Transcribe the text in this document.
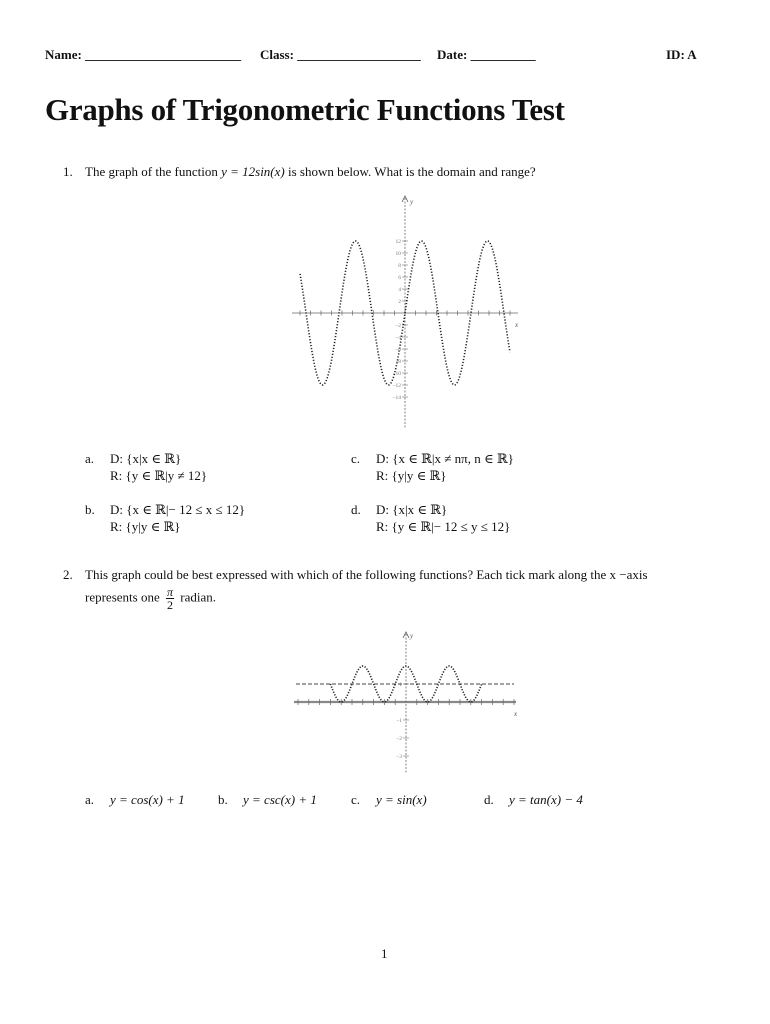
Name: ________________________ Class: ___________________ Date: __________	ID: A
Graphs of Trigonometric Functions Test
1. The graph of the function y = 12sin(x) is shown below. What is the domain and range?
x
y
12
10
8
6
4
2
−2
−4
−6
−8
−10
−12
−14
a. D: {x|x ∈ ℝ}
R: {y ∈ ℝ|y ≠ 12}
c. D: {x ∈ ℝ|x ≠ nπ, n ∈ ℝ}
R: {y|y ∈ ℝ}
b. D: {x ∈ ℝ|− 12 ≤ x ≤ 12}
R: {y|y ∈ ℝ}
d. D: {x|x ∈ ℝ}
R: {y ∈ ℝ|− 12 ≤ y ≤ 12}
2. This graph could be best expressed with which of the following functions? Each tick mark along the x −axis
represents one $\frac{\pi}{2}$ radian.
x
y
1
−1
−2
−3
a. y = cos(x) + 1	b. y = csc(x) + 1	c. y = sin(x)	d. y = tan(x) − 4
1
